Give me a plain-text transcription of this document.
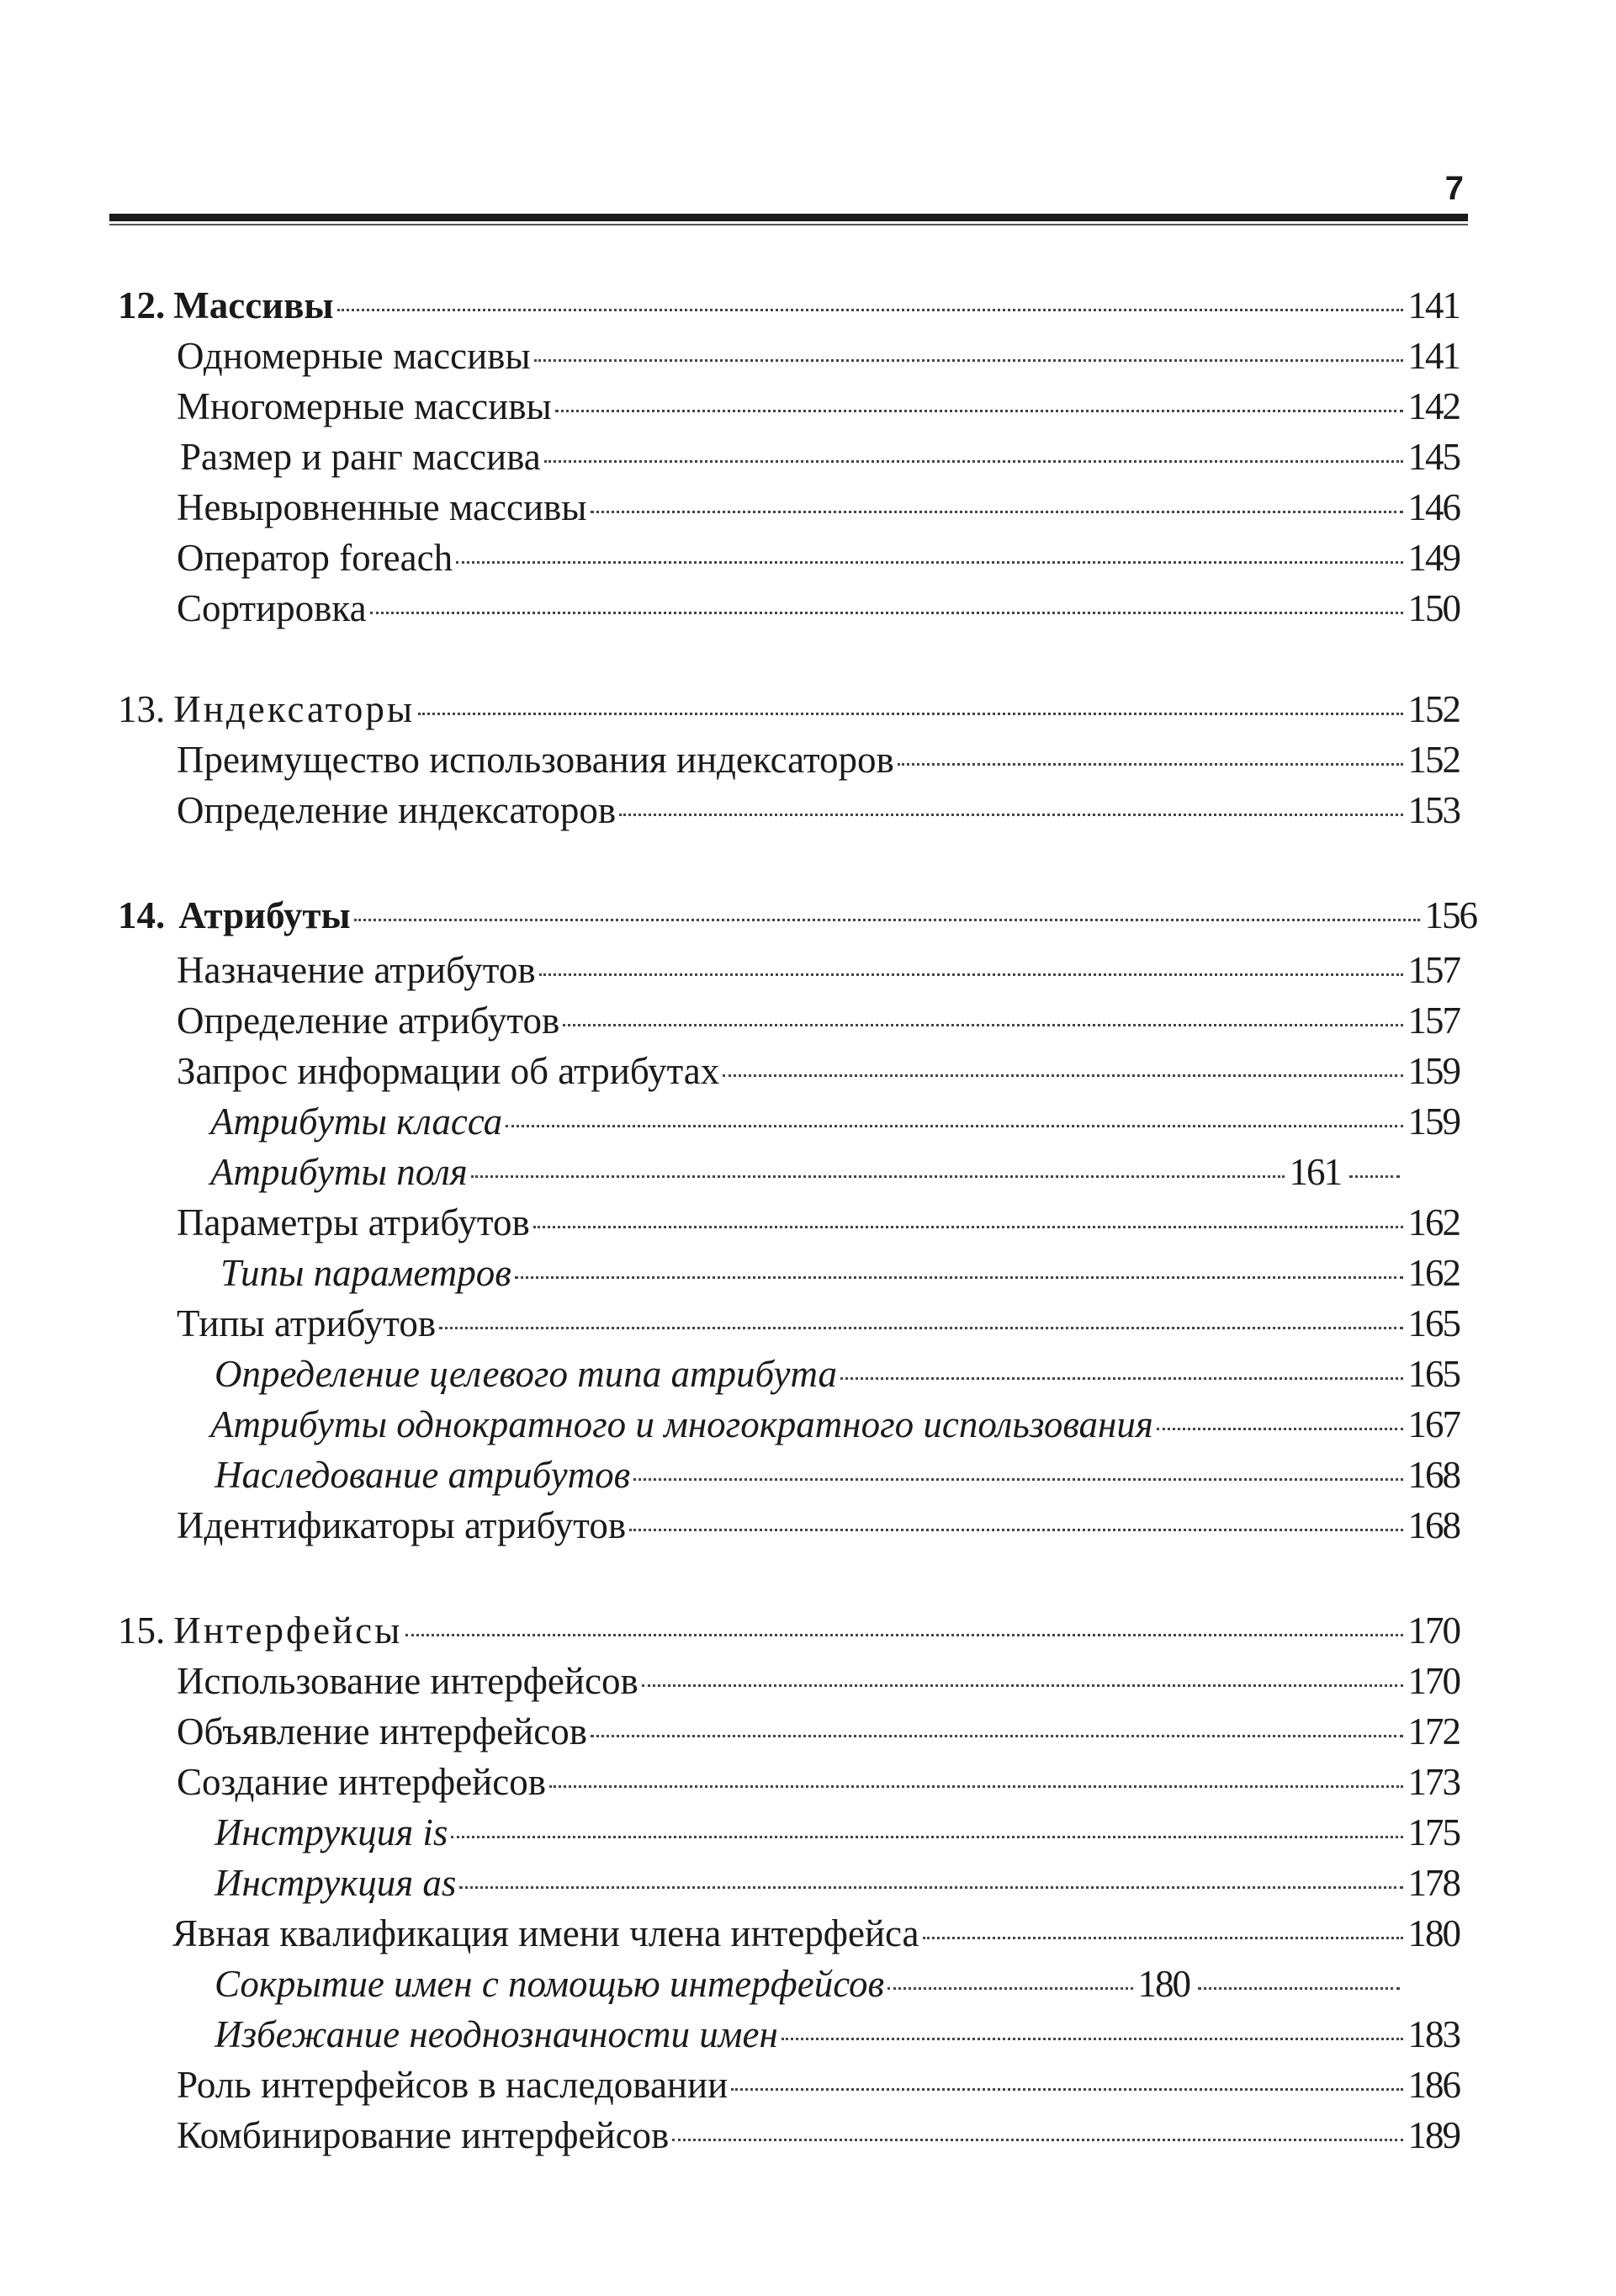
7
12. Массивы	141
Одномерные массивы	141
Многомерные массивы	142
Размер и ранг массива	145
Невыровненные массивы	146
Оператор foreach	149
Сортировка	150
13. Индексаторы	152
Преимущество использования индексаторов	152
Определение индексаторов	153
14. Атрибуты	156
Назначение атрибутов	157
Определение атрибутов	157
Запрос информации об атрибутах	159
Атрибуты класса	159
Атрибуты поля	161
Параметры атрибутов	162
Типы параметров	162
Типы атрибутов	165
Определение целевого типа атрибута	165
Атрибуты однократного и многократного использования	167
Наследование атрибутов	168
Идентификаторы атрибутов	168
15. Интерфейсы	170
Использование интерфейсов	170
Объявление интерфейсов	172
Создание интерфейсов	173
Инструкция is	175
Инструкция as	178
Явная квалификация имени члена интерфейса	180
Сокрытие имен с помощью интерфейсов	180
Избежание неоднозначности имен	183
Роль интерфейсов в наследовании	186
Комбинирование интерфейсов	189
